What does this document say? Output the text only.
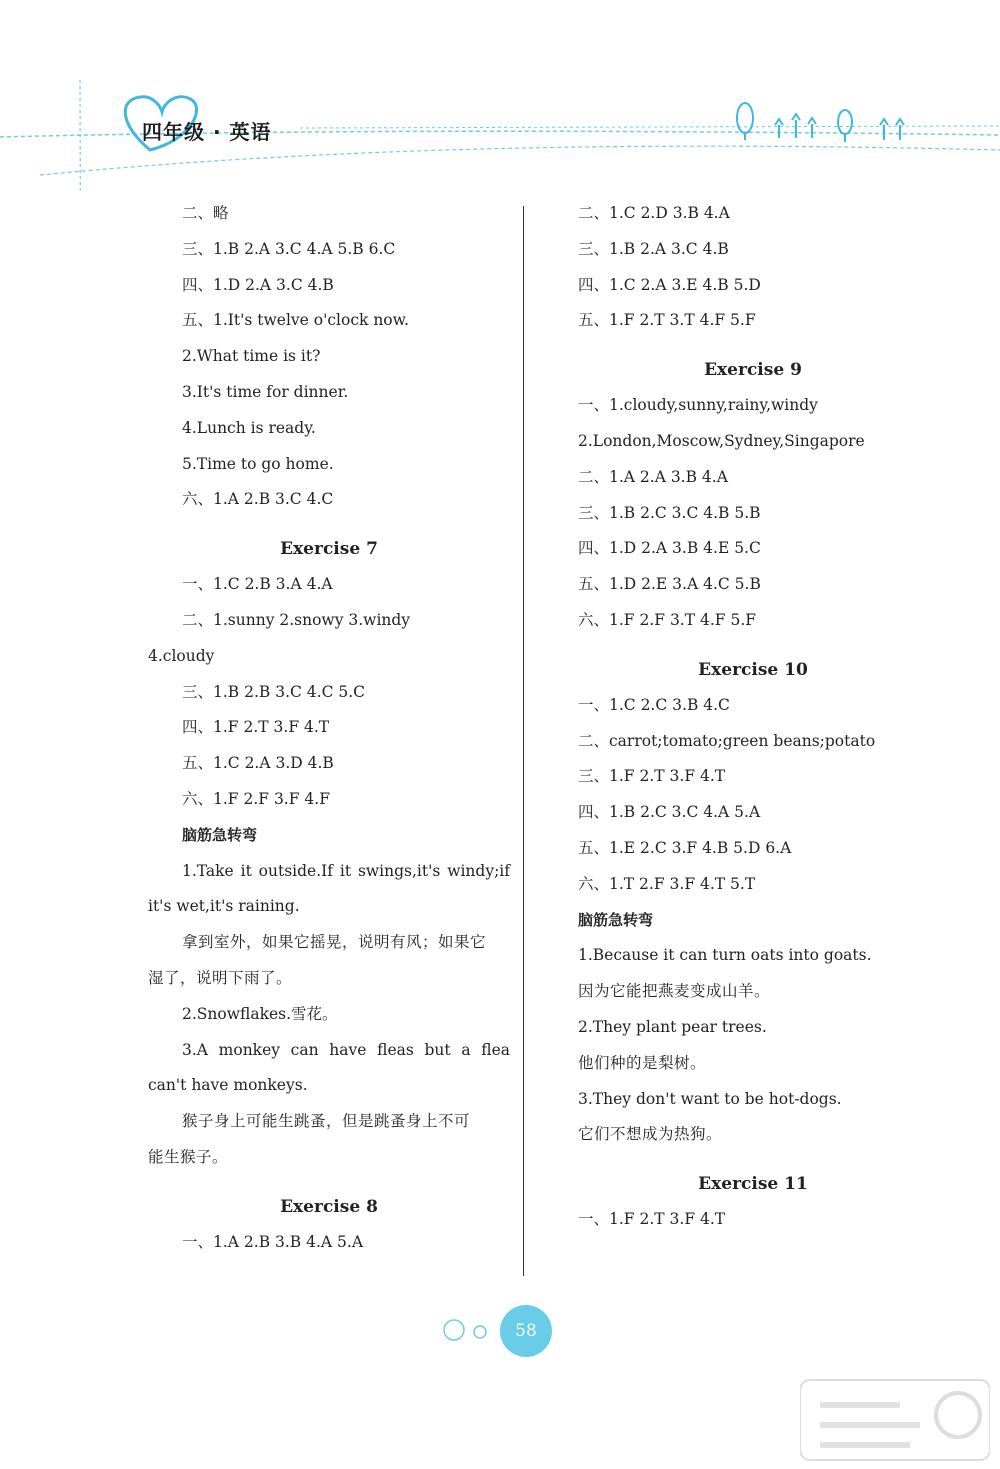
四年级 · 英语
二、略
三、1.B 2.A 3.C 4.A 5.B 6.C
四、1.D 2.A 3.C 4.B
五、1.It's twelve o'clock now.
2.What time is it?
3.It's time for dinner.
4.Lunch is ready.
5.Time to go home.
六、1.A 2.B 3.C 4.C
Exercise 7
一、1.C 2.B 3.A 4.A
二、1.sunny 2.snowy 3.windy
4.cloudy
三、1.B 2.B 3.C 4.C 5.C
四、1.F 2.T 3.F 4.T
五、1.C 2.A 3.D 4.B
六、1.F 2.F 3.F 4.F
脑筋急转弯
1.Take it outside.If it swings,it's windy;if
it's wet,it's raining.
拿到室外，如果它摇晃，说明有风；如果它
湿了，说明下雨了。
2.Snowflakes.雪花。
3.A monkey can have fleas but a flea
can't have monkeys.
猴子身上可能生跳蚤，但是跳蚤身上不可
能生猴子。
Exercise 8
一、1.A 2.B 3.B 4.A 5.A
二、1.C 2.D 3.B 4.A
三、1.B 2.A 3.C 4.B
四、1.C 2.A 3.E 4.B 5.D
五、1.F 2.T 3.T 4.F 5.F
Exercise 9
一、1.cloudy,sunny,rainy,windy
2.London,Moscow,Sydney,Singapore
二、1.A 2.A 3.B 4.A
三、1.B 2.C 3.C 4.B 5.B
四、1.D 2.A 3.B 4.E 5.C
五、1.D 2.E 3.A 4.C 5.B
六、1.F 2.F 3.T 4.F 5.F
Exercise 10
一、1.C 2.C 3.B 4.C
二、carrot;tomato;green beans;potato
三、1.F 2.T 3.F 4.T
四、1.B 2.C 3.C 4.A 5.A
五、1.E 2.C 3.F 4.B 5.D 6.A
六、1.T 2.F 3.F 4.T 5.T
脑筋急转弯
1.Because it can turn oats into goats.
因为它能把燕麦变成山羊。
2.They plant pear trees.
他们种的是梨树。
3.They don't want to be hot-dogs.
它们不想成为热狗。
Exercise 11
一、1.F 2.T 3.F 4.T
58
